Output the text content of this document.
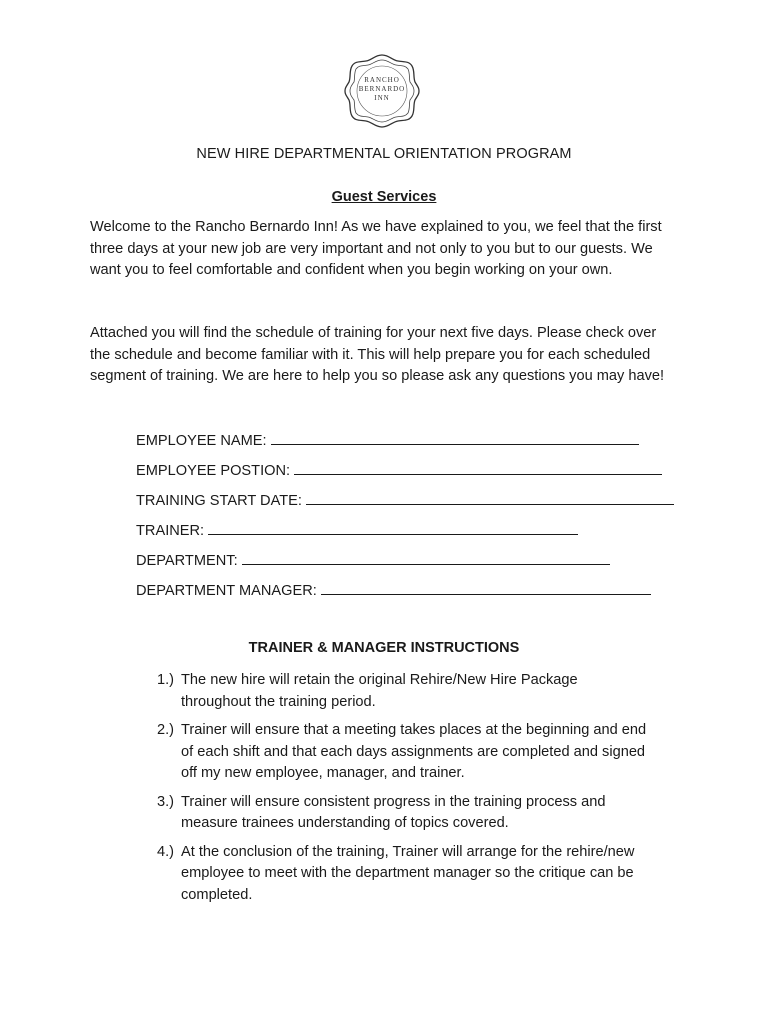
RANCHO
BERNARDO
INN
NEW HIRE DEPARTMENTAL ORIENTATION PROGRAM
Guest Services

Welcome to the Rancho Bernardo Inn! As we have explained to you, we feel that the first three days at your new job are very important and not only to you but to our guests. We want you to feel comfortable and confident when you begin working on your own.

Attached you will find the schedule of training for your next five days. Please check over the schedule and become familiar with it. This will help prepare you for each scheduled segment of training. We are here to help you so please ask any questions you may have!

EMPLOYEE NAME:
EMPLOYEE POSTION:
TRAINING START DATE:
TRAINER:
DEPARTMENT:
DEPARTMENT MANAGER:
TRAINER & MANAGER INSTRUCTIONS
1.) The new hire will retain the original Rehire/New Hire Package throughout the training period.
2.) Trainer will ensure that a meeting takes places at the beginning and end of each shift and that each days assignments are completed and signed off my new employee, manager, and trainer.
3.) Trainer will ensure consistent progress in the training process and measure trainees understanding of topics covered.
4.) At the conclusion of the training, Trainer will arrange for the rehire/new employee to meet with the department manager so the critique can be completed.
